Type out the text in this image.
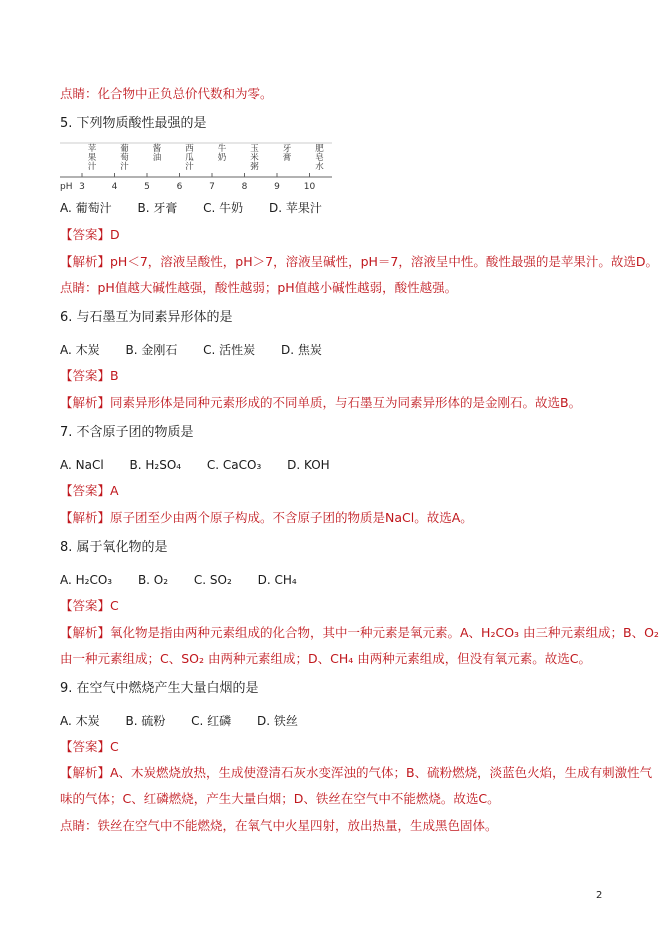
点睛：化合物中正负总价代数和为零。
5. 下列物质酸性最强的是
pH 3	4	5	6	7	8	9	10
苹
果
汁
葡
萄
汁
酱
油
西
瓜
汁
牛
奶
玉
米
粥
牙
膏
肥
皂
水
A. 葡萄汁 B. 牙膏 C. 牛奶 D. 苹果汁
【答案】D
【解析】pH＜7，溶液呈酸性，pH＞7，溶液呈碱性，pH＝7，溶液呈中性。酸性最强的是苹果汁。故选D。
点睛：pH值越大碱性越强，酸性越弱；pH值越小碱性越弱，酸性越强。
6. 与石墨互为同素异形体的是
A. 木炭 B. 金刚石 C. 活性炭 D. 焦炭
【答案】B
【解析】同素异形体是同种元素形成的不同单质，与石墨互为同素异形体的是金刚石。故选B。
7. 不含原子团的物质是
A. NaCl B. H₂SO₄ C. CaCO₃ D. KOH
【答案】A
【解析】原子团至少由两个原子构成。不含原子团的物质是NaCl。故选A。
8. 属于氧化物的是
A. H₂CO₃ B. O₂ C. SO₂ D. CH₄
【答案】C
【解析】氧化物是指由两种元素组成的化合物，其中一种元素是氧元素。A、H₂CO₃ 由三种元素组成；B、O₂
由一种元素组成；C、SO₂ 由两种元素组成；D、CH₄ 由两种元素组成，但没有氧元素。故选C。
9. 在空气中燃烧产生大量白烟的是
A. 木炭 B. 硫粉 C. 红磷 D. 铁丝
【答案】C
【解析】A、木炭燃烧放热，生成使澄清石灰水变浑浊的气体；B、硫粉燃烧，淡蓝色火焰，生成有刺激性气
味的气体；C、红磷燃烧，产生大量白烟；D、铁丝在空气中不能燃烧。故选C。
点睛：铁丝在空气中不能燃烧，在氧气中火星四射，放出热量，生成黑色固体。
2
